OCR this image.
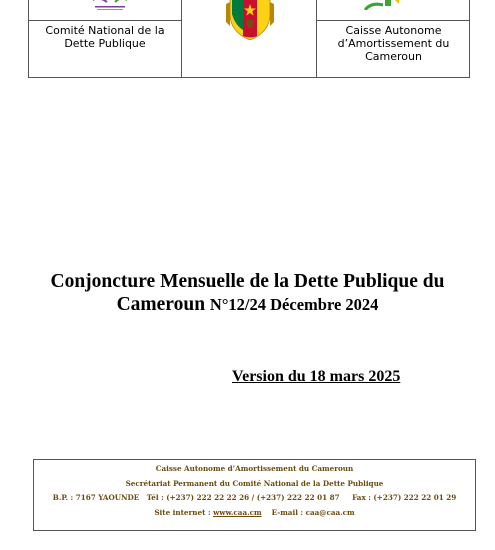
Comité National de la Dette Publique
Caisse Autonome d’Amortissement du Cameroun
Conjoncture Mensuelle de la Dette Publique du
Cameroun N°12/24 Décembre 2024
Version du 18 mars 2025
Caisse Autonome d’Amortissement du Cameroun
Secrétariat Permanent du Comité National de la Dette Publique
B.P. : 7167 YAOUNDE   Tél : (+237) 222 22 22 26 / (+237) 222 22 01 87     Fax : (+237) 222 22 01 29
Site internet : www.caa.cm E-mail : caa@caa.cm
